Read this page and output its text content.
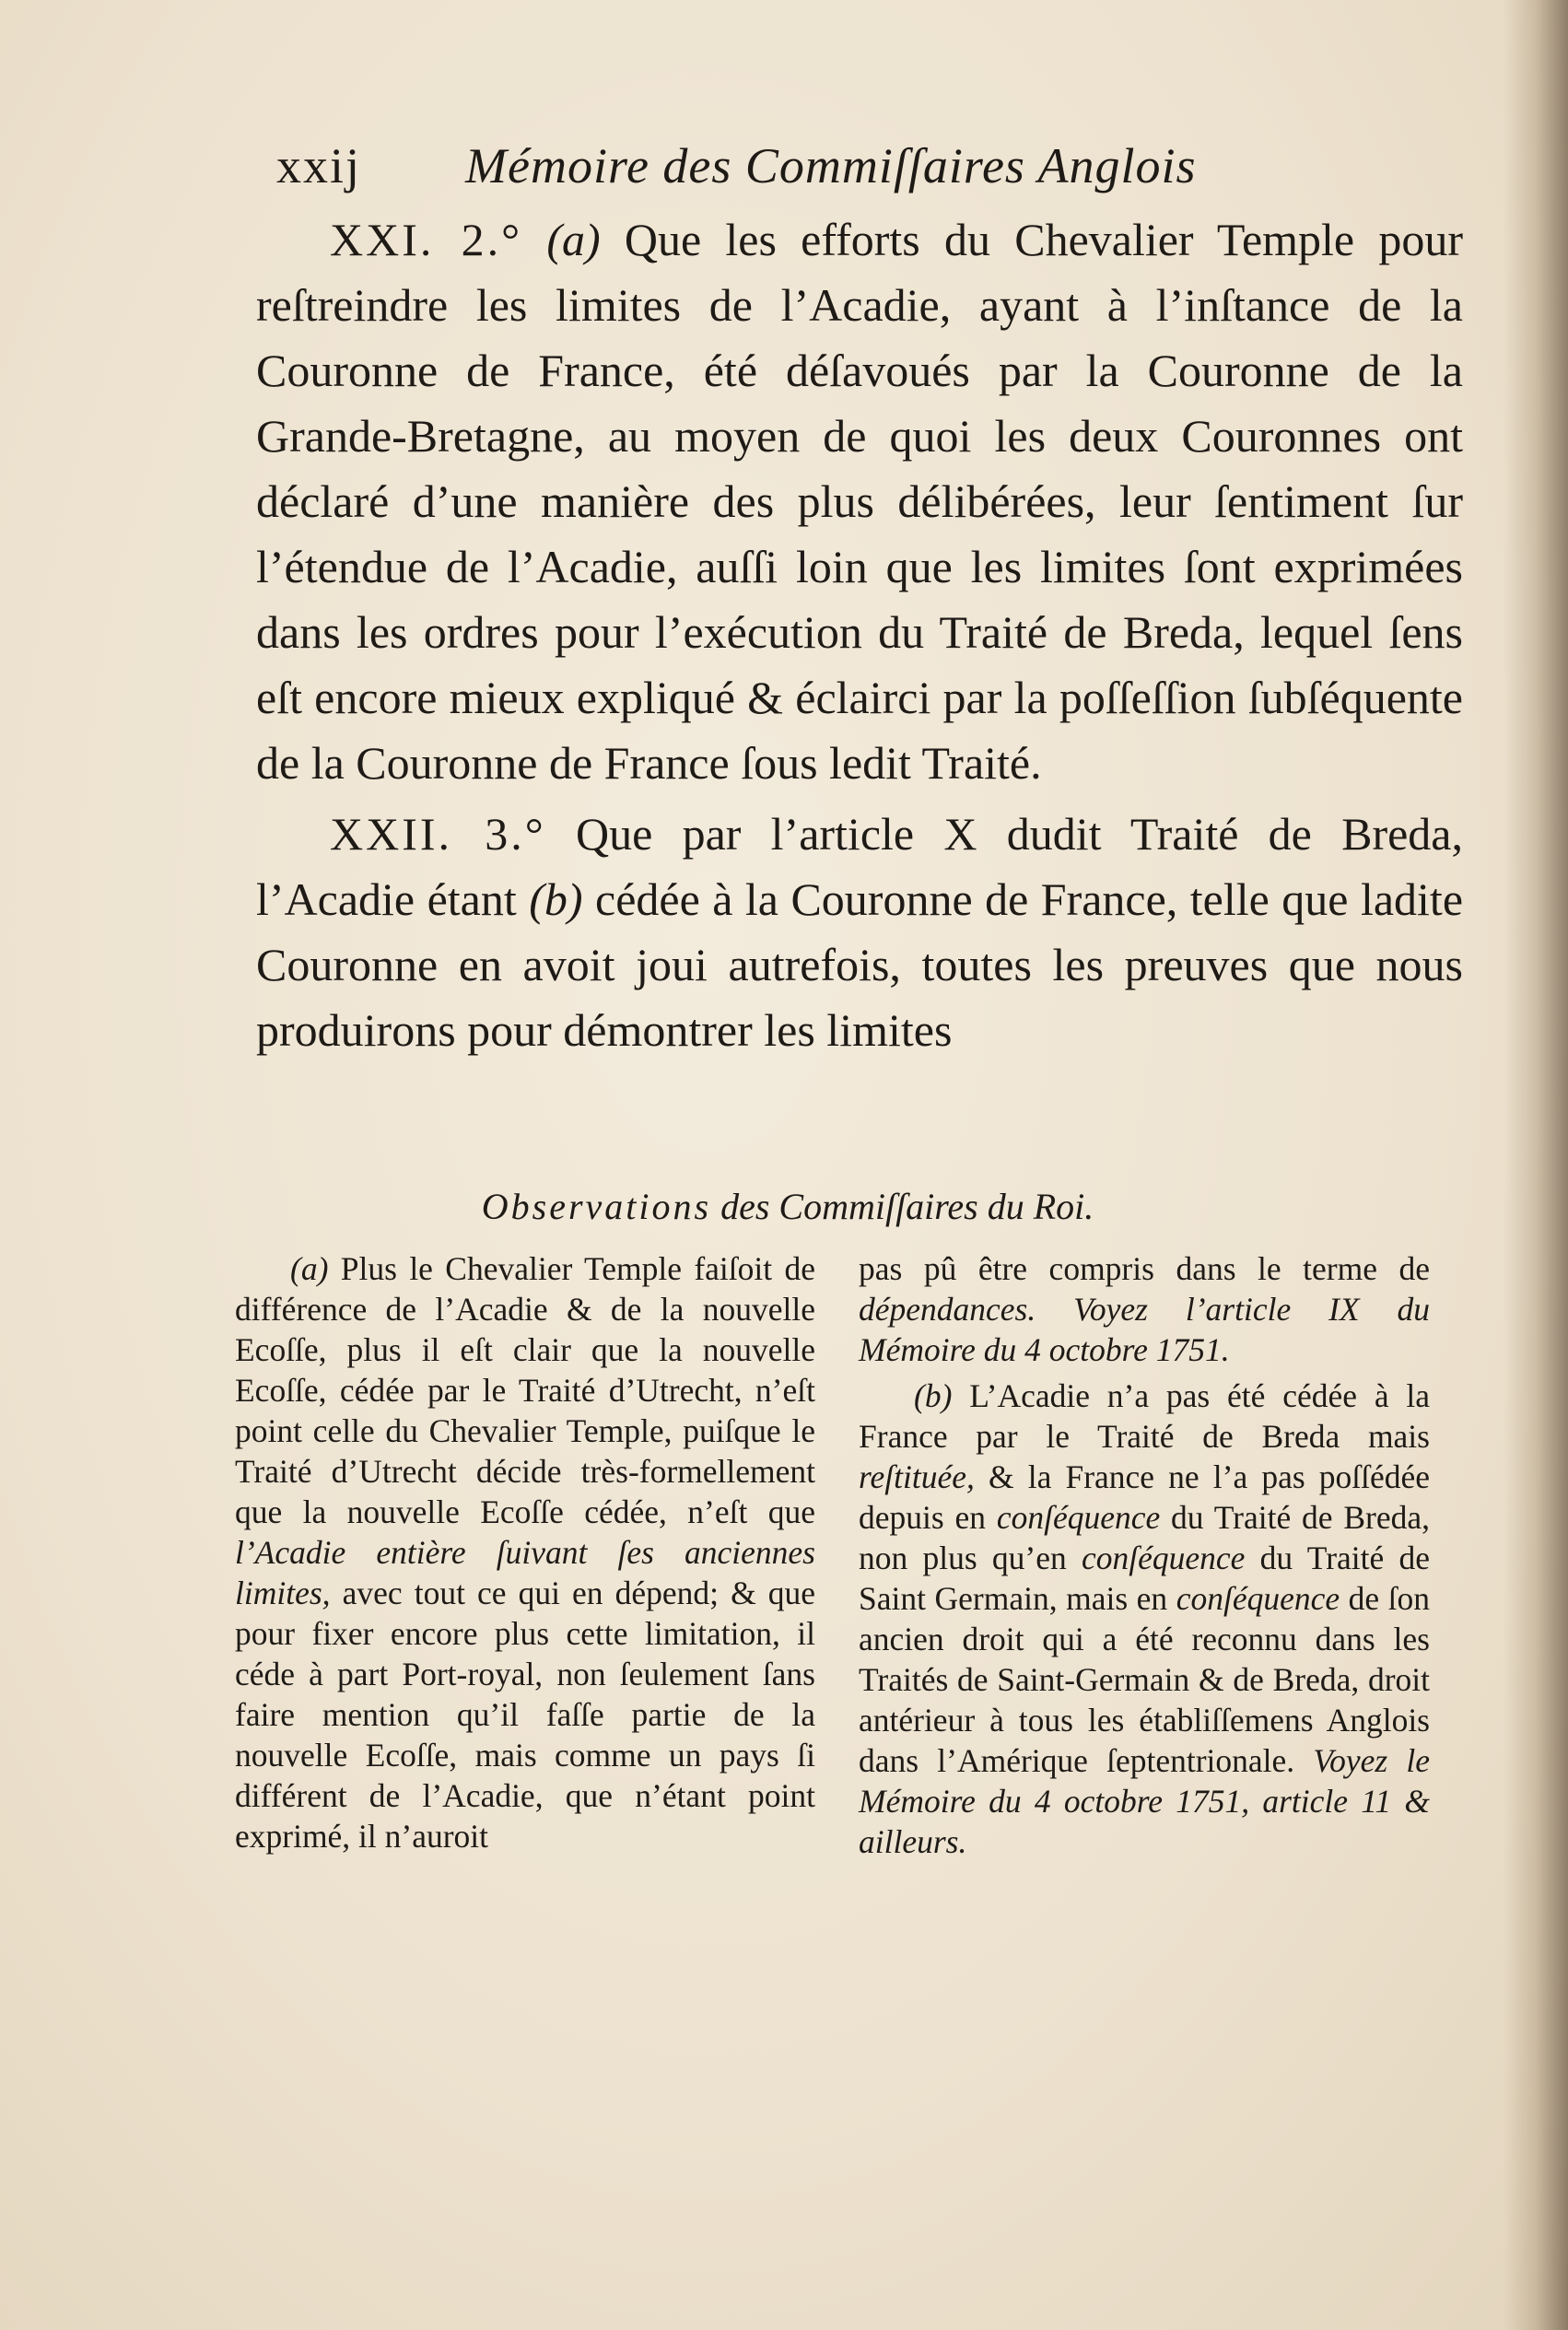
xxij Mémoire des Commiſſaires Anglois

XXI. 2.° (a) Que les efforts du Chevalier Temple pour reſtreindre les limites de l’Acadie, ayant à l’inſtance de la Couronne de France, été déſavoués par la Couronne de la Grande-Bretagne, au moyen de quoi les deux Couronnes ont déclaré d’une manière des plus délibérées, leur ſentiment ſur l’étendue de l’Acadie, auſſi loin que les limites ſont exprimées dans les ordres pour l’exécution du Traité de Breda, lequel ſens eſt encore mieux expliqué & éclairci par la poſſeſſion ſubſéquente de la Couronne de France ſous ledit Traité.

XXII. 3.° Que par l’article X dudit Traité de Breda, l’Acadie étant (b) cédée à la Couronne de France, telle que ladite Couronne en avoit joui autrefois, toutes les preuves que nous produirons pour démontrer les limites

Observations des Commiſſaires du Roi.

(a) Plus le Chevalier Temple faiſoit de différence de l’Acadie & de la nouvelle Ecoſſe, plus il eſt clair que la nouvelle Ecoſſe, cédée par le Traité d’Utrecht, n’eſt point celle du Chevalier Temple, puiſque le Traité d’Utrecht décide très-formellement que la nouvelle Ecoſſe cédée, n’eſt que l’Acadie entière ſuivant ſes anciennes limites, avec tout ce qui en dépend; & que pour fixer encore plus cette limitation, il céde à part Port-royal, non ſeulement ſans faire mention qu’il faſſe partie de la nouvelle Ecoſſe, mais comme un pays ſi différent de l’Acadie, que n’étant point exprimé, il n’auroit

pas pû être compris dans le terme de dépendances. Voyez l’article IX du Mémoire du 4 octobre 1751.

(b) L’Acadie n’a pas été cédée à la France par le Traité de Breda mais reſtituée, & la France ne l’a pas poſſédée depuis en conſéquence du Traité de Breda, non plus qu’en conſéquence du Traité de Saint Germain, mais en conſéquence de ſon ancien droit qui a été reconnu dans les Traités de Saint-Germain & de Breda, droit antérieur à tous les établiſſemens Anglois dans l’Amérique ſeptentrionale. Voyez le Mémoire du 4 octobre 1751, article 11 & ailleurs.
